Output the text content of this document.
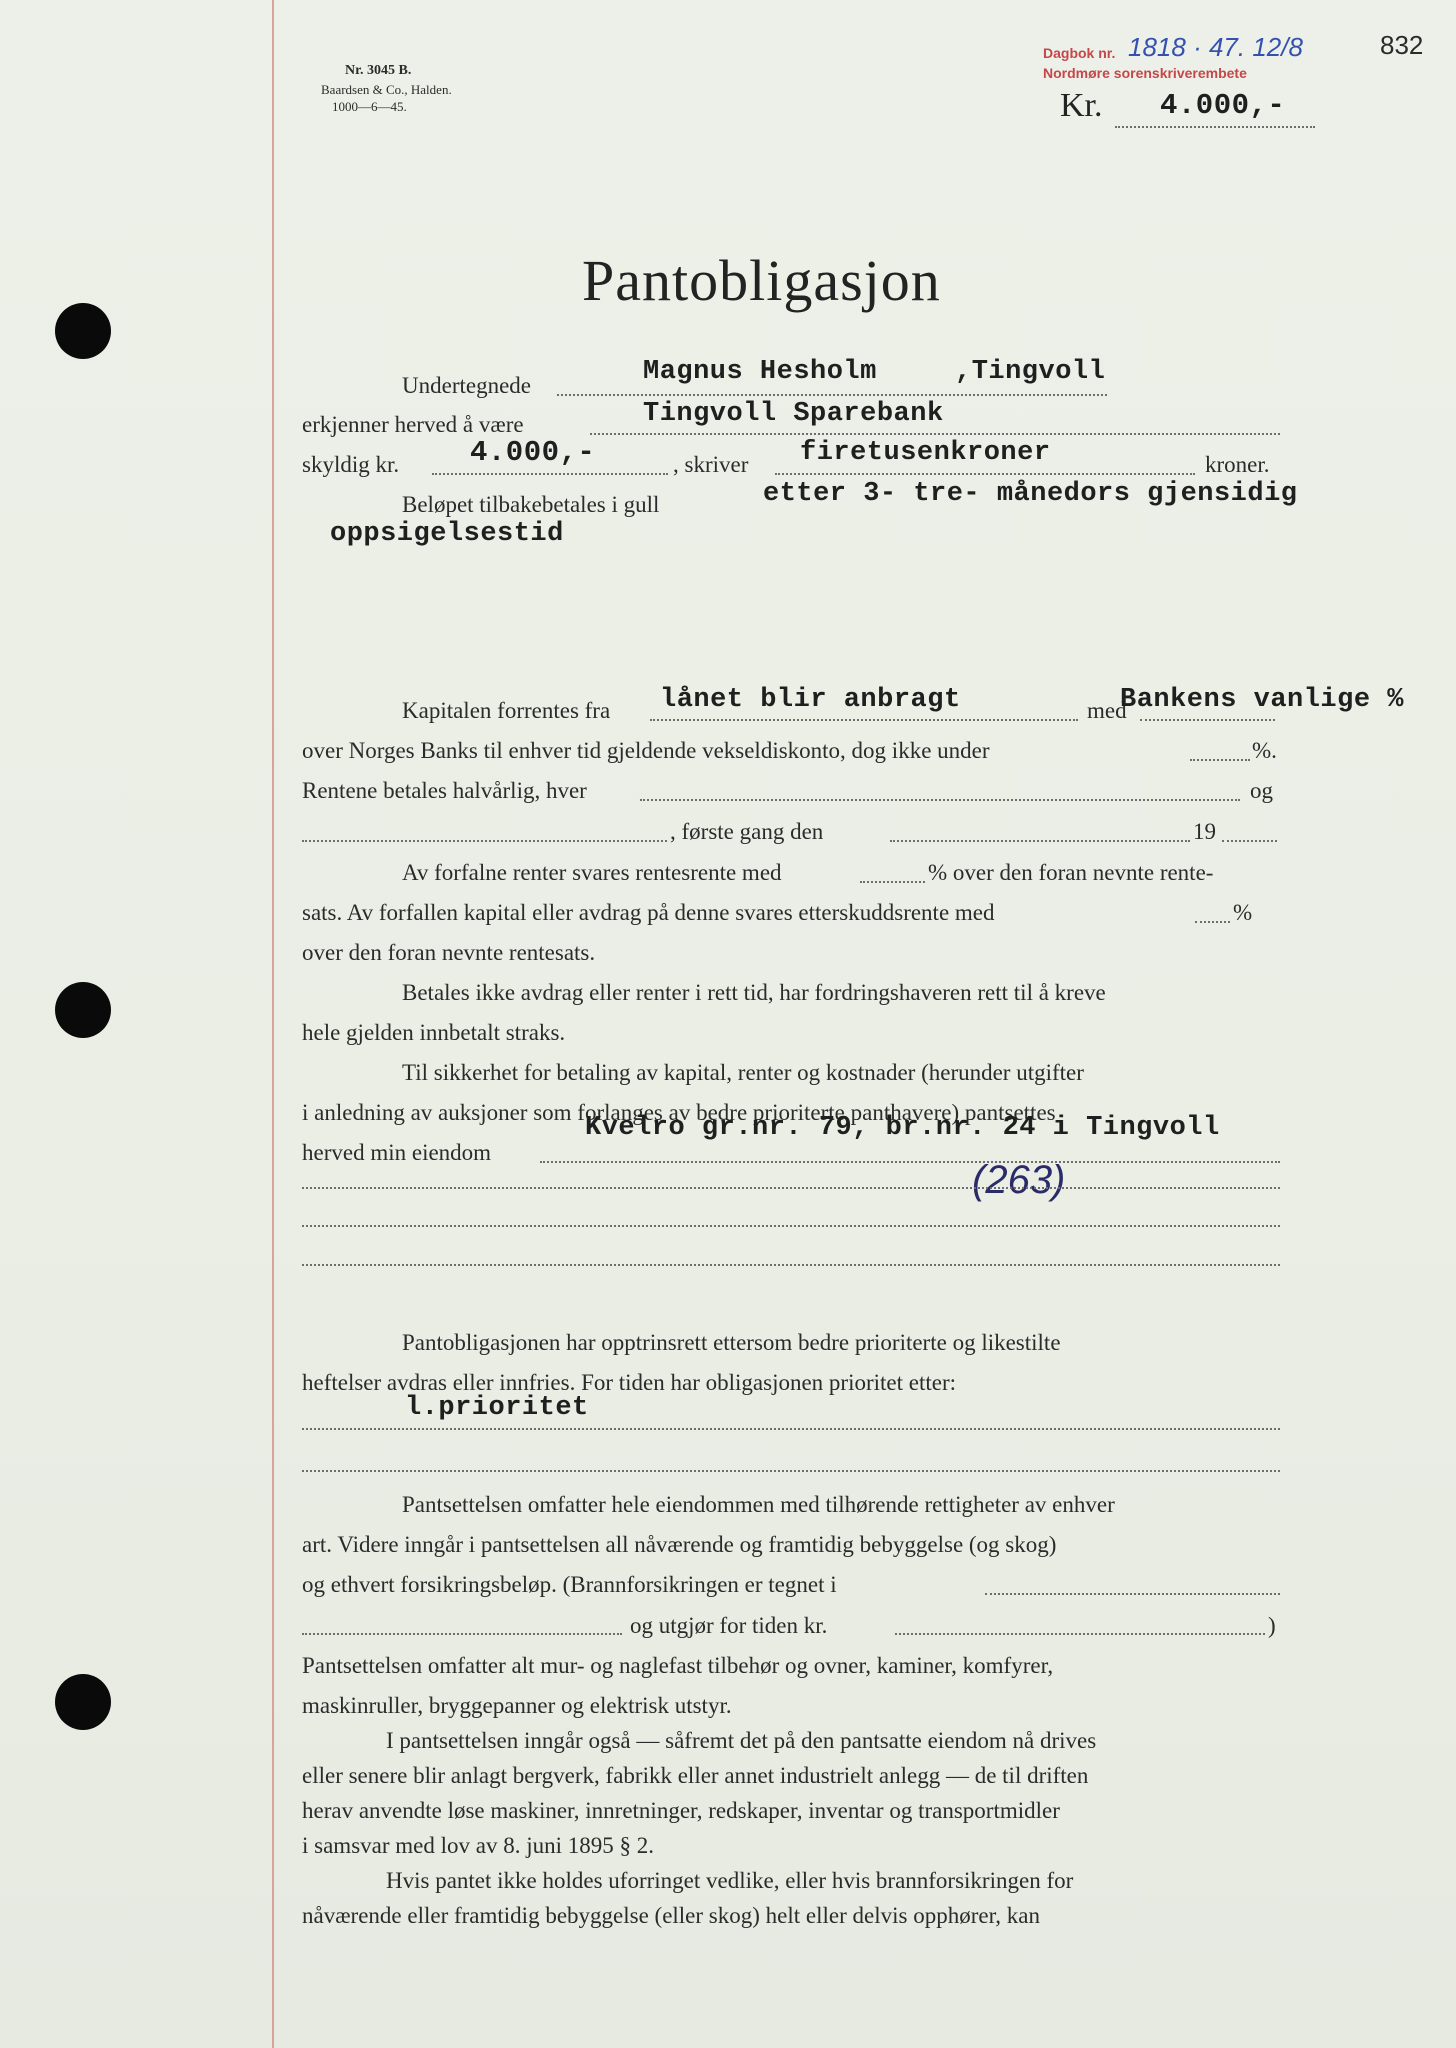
Nr. 3045 B.
Baardsen & Co., Halden.
1000—6—45.
Dagbok nr.
Nordmøre sorenskriverembete
1818 · 47. 12/8	832
Kr. 4.000,-
Pantobligasjon
Undertegnede	Magnus Hesholm	,Tingvoll
erkjenner herved å være	Tingvoll Sparebank
skyldig kr. 4.000,-	, skriver firetusenkroner	kroner.
Beløpet tilbakebetales i gull	etter 3- tre- månedors gjensidig
oppsigelsestid
Kapitalen forrentes fra lånet blir anbragt	med
Bankens vanlige %
over Norges Banks til enhver tid gjeldende vekseldiskonto, dog ikke under	%.
Rentene betales halvårlig, hver	og
, første gang den	19
Av forfalne renter svares rentesrente med	% over den foran nevnte rente-
sats. Av forfallen kapital eller avdrag på denne svares etterskuddsrente med	%
over den foran nevnte rentesats.
Betales ikke avdrag eller renter i rett tid, har fordringshaveren rett til å kreve
hele gjelden innbetalt straks.
Til sikkerhet for betaling av kapital, renter og kostnader (herunder utgifter
i anledning av auksjoner som forlanges av bedre prioriterte panthavere) pantsettes
herved min eiendom
Kvelro gr.nr. 79, br.nr. 24 i Tingvoll
(263)
Pantobligasjonen har opptrinsrett ettersom bedre prioriterte og likestilte
heftelser avdras eller innfries. For tiden har obligasjonen prioritet etter:
l.prioritet
Pantsettelsen omfatter hele eiendommen med tilhørende rettigheter av enhver
art. Videre inngår i pantsettelsen all nåværende og framtidig bebyggelse (og skog)
og ethvert forsikringsbeløp. (Brannforsikringen er tegnet i
og utgjør for tiden kr.	)
Pantsettelsen omfatter alt mur- og naglefast tilbehør og ovner, kaminer, komfyrer,
maskinruller, bryggepanner og elektrisk utstyr.
I pantsettelsen inngår også — såfremt det på den pantsatte eiendom nå drives
eller senere blir anlagt bergverk, fabrikk eller annet industrielt anlegg — de til driften
herav anvendte løse maskiner, innretninger, redskaper, inventar og transportmidler
i samsvar med lov av 8. juni 1895 § 2.
Hvis pantet ikke holdes uforringet vedlike, eller hvis brannforsikringen for
nåværende eller framtidig bebyggelse (eller skog) helt eller delvis opphører, kan
